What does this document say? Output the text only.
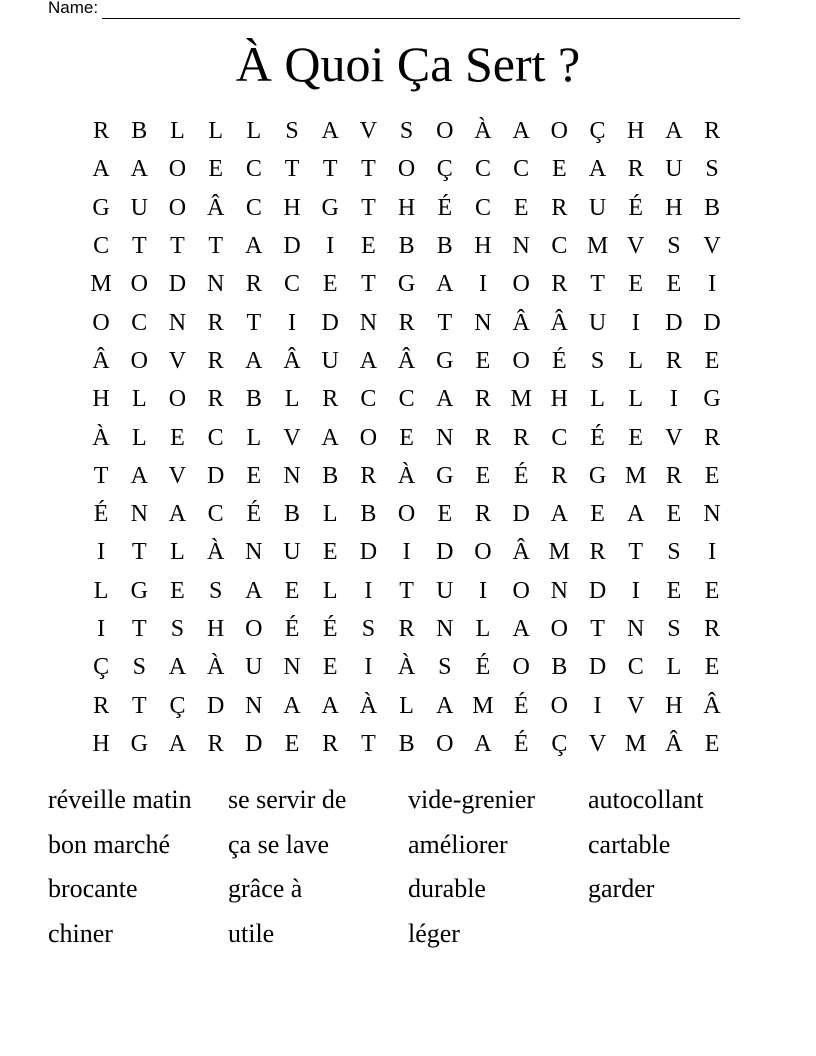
Name:
À Quoi Ça Sert ?
R B L L L	S A V S O À A O Ç H A R
A A O E C T T T O Ç C C E A R U S
G U O Â C H G T H É C E R U É H B
C T T T A D	I	E B B H N C M V S V
M O D N R C E T G A	I	O R T E E	I
O C N R T	I	D N R T N Â Â U	I	D D
Â O V R A Â U A Â G E O É	S	L R E
H L O R B L R C C A R M H L L	I	G
À L E C L V A O E N R R C É E V R
T A V D E N B R À G E É R G M R E
É N A C É B L B O E R D A E A E N
I	T L À N U E D	I	D O Â M R T	S	I
L G E	S A E L	I	T U	I	O N D	I	E E
I	T	S H O É É	S R N L A O T N S R
Ç S A À U N E	I	À S	É O B D C L E
R T Ç D N A A À L A M É O	I	V H Â
H G A R D E R T B O A É Ç V M Â E
réveille matin	se servir de	vide-grenier	autocollant
bon marché	ça se lave	améliorer	cartable
brocante	grâce à	durable	garder
chiner	utile	léger
